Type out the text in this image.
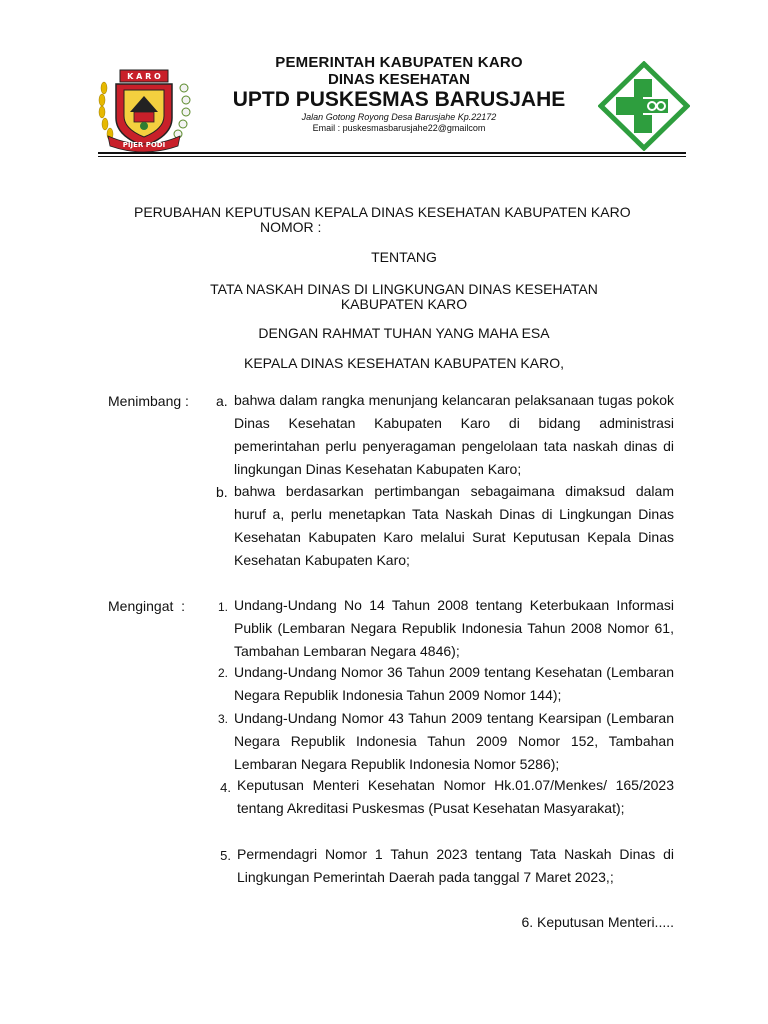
K A R O
PIJER PODI
PEMERINTAH KABUPATEN KARO
DINAS KESEHATAN
UPTD PUSKESMAS BARUSJAHE
Jalan Gotong Royong Desa Barusjahe Kp.22172
Email : puskesmasbarusjahe22@gmailcom
PERUBAHAN KEPUTUSAN KEPALA DINAS KESEHATAN KABUPATEN KARO
NOMOR :
TENTANG
TATA NASKAH DINAS DI LINGKUNGAN DINAS KESEHATAN
KABUPATEN KARO
DENGAN RAHMAT TUHAN YANG MAHA ESA
KEPALA DINAS KESEHATAN KABUPATEN KARO,
Menimbang : a. bahwa dalam rangka menunjang kelancaran pelaksanaan tugas pokok Dinas Kesehatan Kabupaten Karo di bidang administrasi pemerintahan perlu penyeragaman pengelolaan tata naskah dinas di lingkungan Dinas Kesehatan Kabupaten Karo;
b. bahwa berdasarkan pertimbangan sebagaimana dimaksud dalam huruf a, perlu menetapkan Tata Naskah Dinas di Lingkungan Dinas Kesehatan Kabupaten Karo melalui Surat Keputusan Kepala Dinas Kesehatan Kabupaten Karo;
Mengingat  :	1. Undang-Undang No 14 Tahun 2008 tentang Keterbukaan Informasi Publik (Lembaran Negara Republik Indonesia Tahun 2008 Nomor 61, Tambahan Lembaran Negara 4846);
2. Undang-Undang Nomor 36 Tahun 2009 tentang Kesehatan (Lembaran Negara Republik Indonesia Tahun 2009 Nomor 144);
3. Undang-Undang Nomor 43 Tahun 2009 tentang Kearsipan (Lembaran Negara Republik Indonesia Tahun 2009 Nomor 152, Tambahan Lembaran Negara Republik Indonesia Nomor 5286);
4. Keputusan Menteri Kesehatan Nomor Hk.01.07/Menkes/ 165/2023 tentang Akreditasi Puskesmas (Pusat Kesehatan Masyarakat);
5. Permendagri Nomor 1 Tahun 2023 tentang Tata Naskah Dinas di Lingkungan Pemerintah Daerah pada tanggal 7 Maret 2023,;
6. Keputusan Menteri.....
